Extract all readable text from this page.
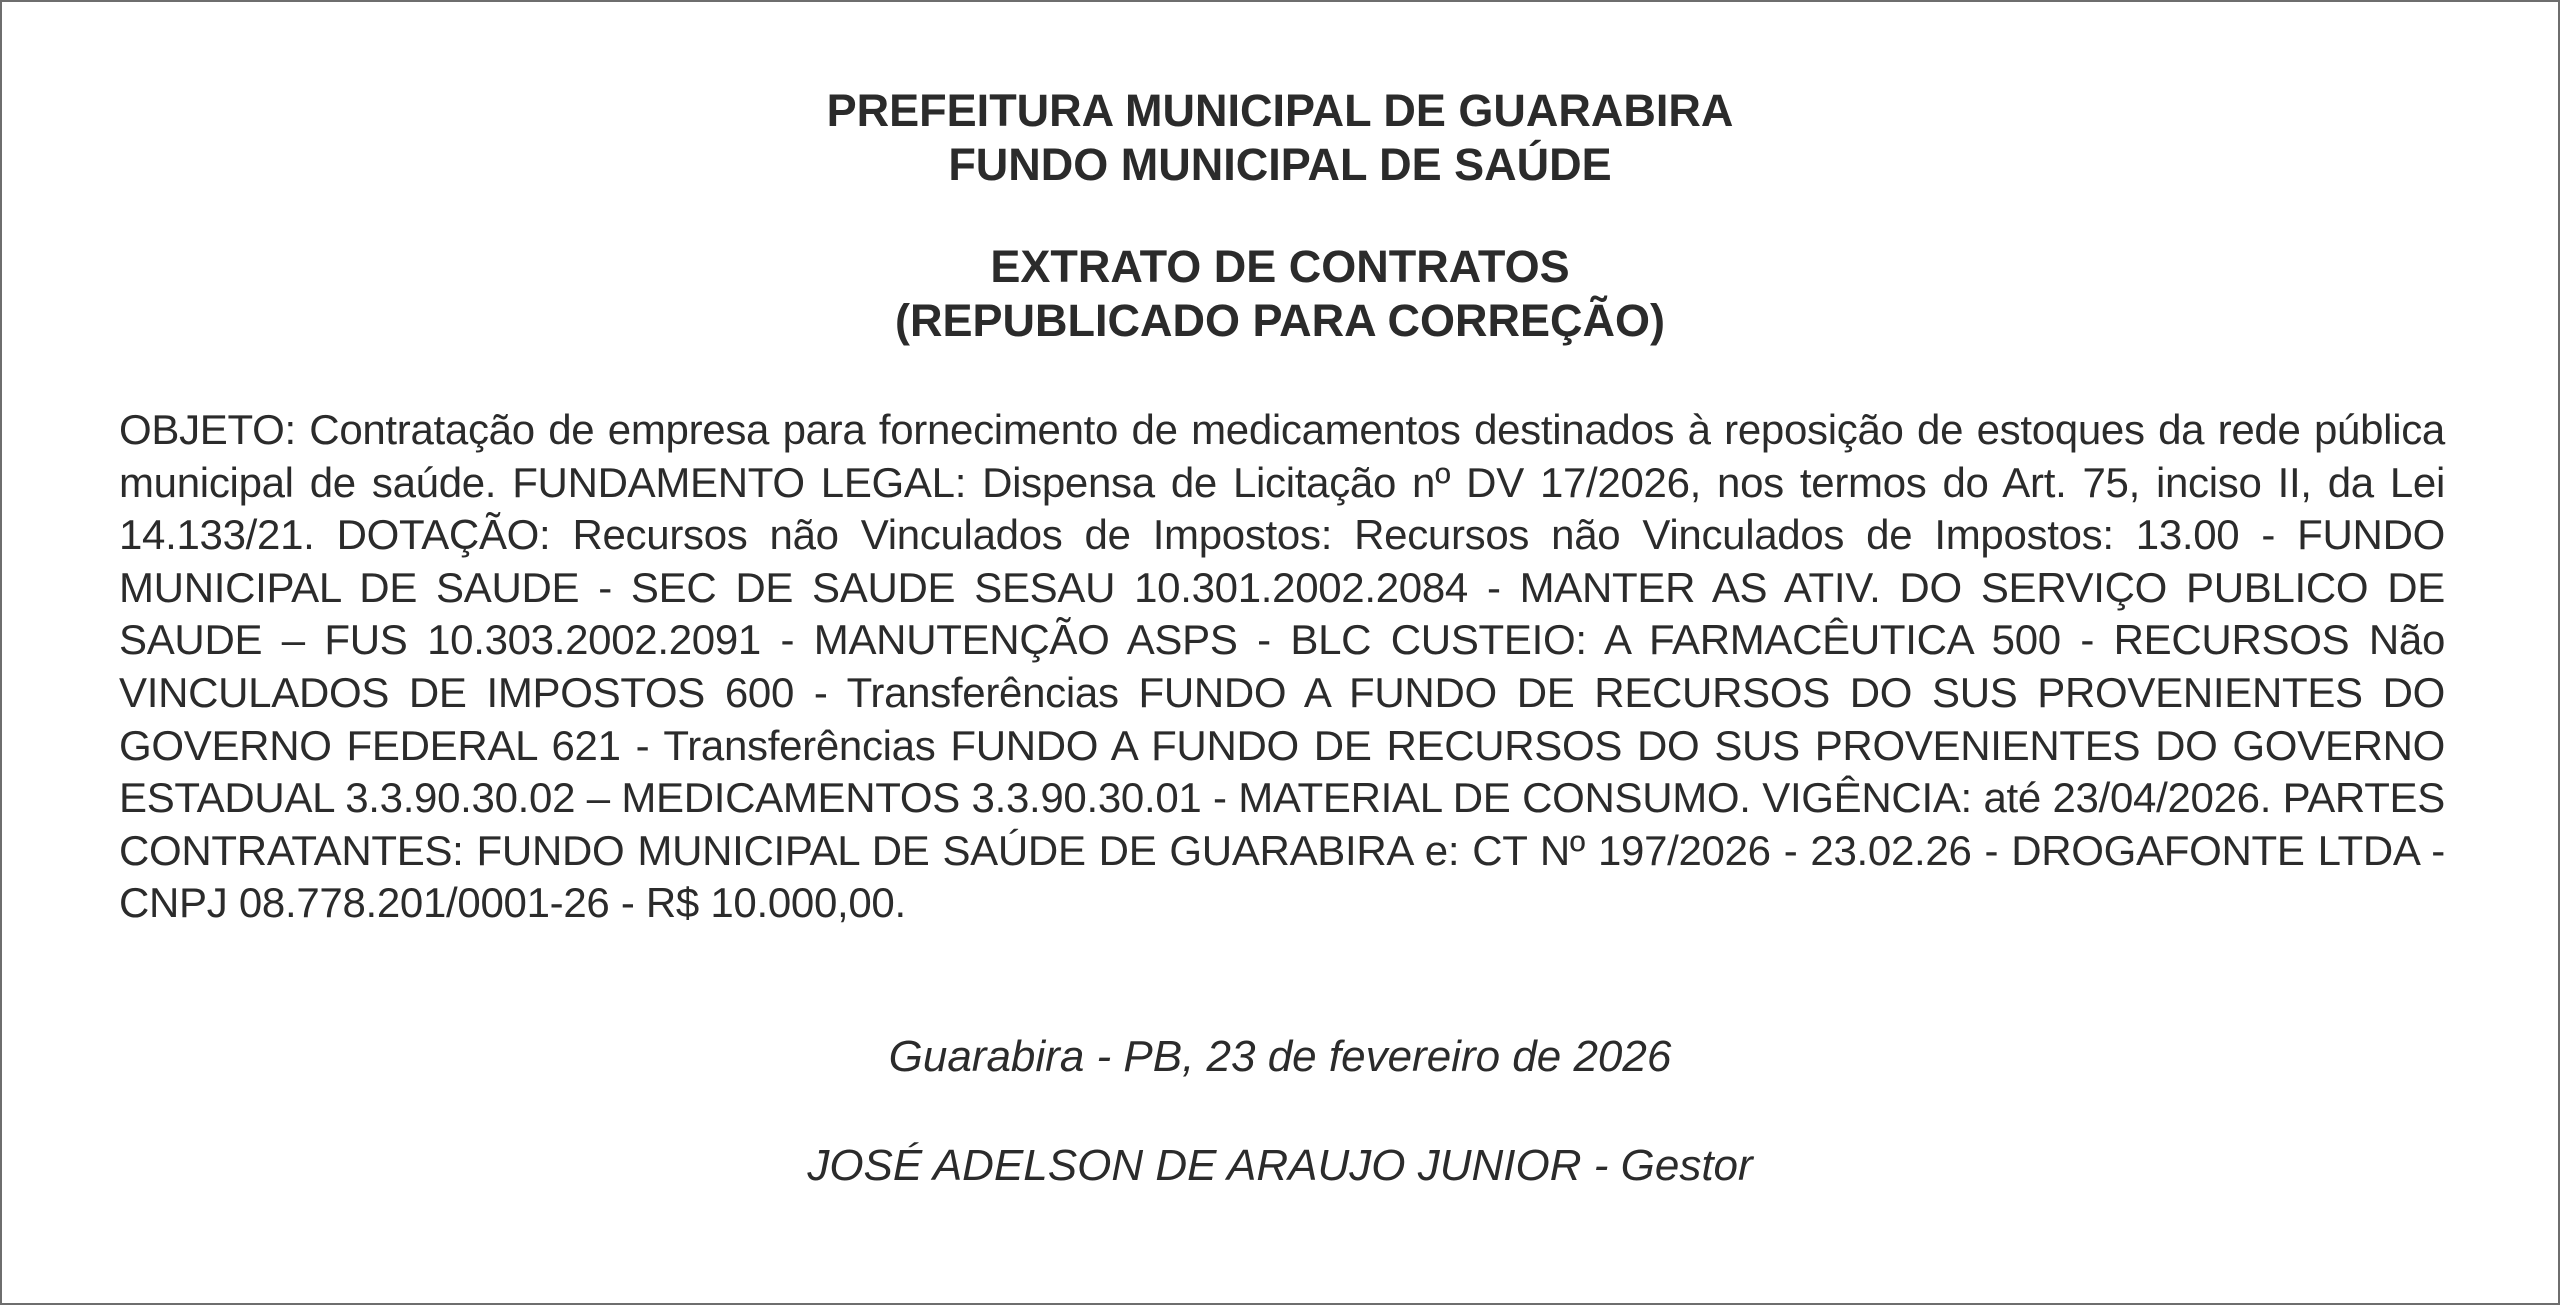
PREFEITURA MUNICIPAL DE GUARABIRA
FUNDO MUNICIPAL DE SAÚDE
EXTRATO DE CONTRATOS
(REPUBLICADO PARA CORREÇÃO)

OBJETO: Contratação de empresa para fornecimento de medicamentos destinados à reposição de estoques da rede pública municipal de saúde. FUNDAMENTO LEGAL: Dispensa de Licitação nº DV 17/2026, nos termos do Art. 75, inciso II, da Lei 14.133/21. DOTAÇÃO: Recursos não Vinculados de Impostos: Recursos não Vinculados de Impostos: 13.00 - FUNDO MUNICIPAL DE SAUDE - SEC DE SAUDE SESAU 10.301.2002.2084 - MANTER AS ATIV. DO SERVIÇO PUBLICO DE SAUDE – FUS 10.303.2002.2091 - MANUTENÇÃO ASPS - BLC CUSTEIO: A FARMACÊUTICA 500 - RECURSOS Não VINCULADOS DE IMPOSTOS 600 - Transferências FUNDO A FUNDO DE RECURSOS DO SUS PROVENIENTES DO GOVERNO FEDERAL 621 - Transferências FUNDO A FUNDO DE RECURSOS DO SUS PROVENIENTES DO GOVERNO ESTADUAL 3.3.90.30.02 – MEDICAMENTOS 3.3.90.30.01 - MATERIAL DE CONSUMO. VIGÊNCIA: até 23/04/2026. PARTES CONTRATANTES: FUNDO MUNICIPAL DE SAÚDE DE GUARABIRA e: CT Nº 197/2026 - 23.02.26 - DROGAFONTE LTDA - CNPJ 08.778.201/0001-26 - R$ 10.000,00.

Guarabira - PB, 23 de fevereiro de 2026

JOSÉ ADELSON DE ARAUJO JUNIOR - Gestor
